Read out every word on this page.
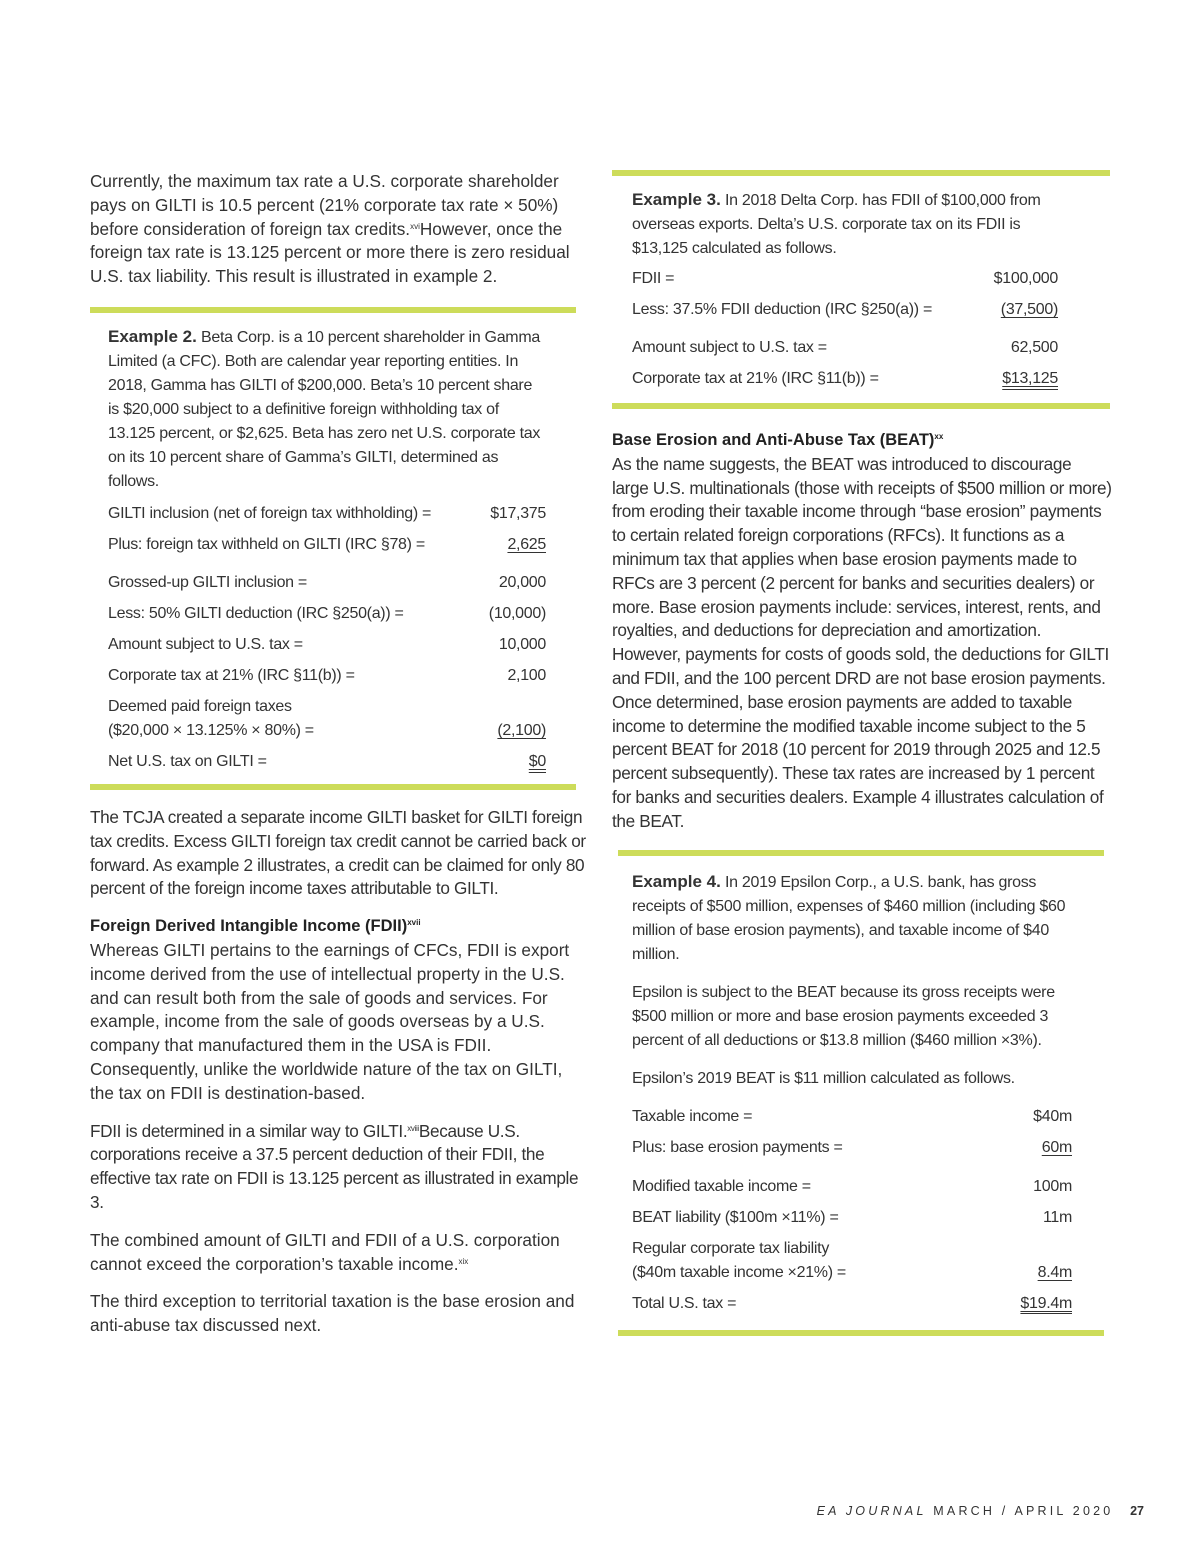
Currently, the maximum tax rate a U.S. corporate shareholder pays on GILTI is 10.5 percent (21% corporate tax rate × 50%) before consideration of foreign tax credits.$^{xvi}$However, once the foreign tax rate is 13.125 percent or more there is zero residual U.S. tax liability. This result is illustrated in example 2.

Example 2. Beta Corp. is a 10 percent shareholder in Gamma Limited (a CFC). Both are calendar year reporting entities. In 2018, Gamma has GILTI of $200,000. Beta’s 10 percent share is $20,000 subject to a definitive foreign withholding tax of 13.125 percent, or $2,625. Beta has zero net U.S. corporate tax on its 10 percent share of Gamma’s GILTI, determined as follows.

GILTI inclusion (net of foreign tax withholding) =	$17,375
Plus: foreign tax withheld on GILTI (IRC §78) =	2,625
Grossed-up GILTI inclusion =	20,000
Less: 50% GILTI deduction (IRC §250(a)) =	(10,000)
Amount subject to U.S. tax =	10,000
Corporate tax at 21% (IRC §11(b)) =	2,100
Deemed paid foreign taxes
($20,000 × 13.125% × 80%) =	(2,100)
Net U.S. tax on GILTI =	$0

The TCJA created a separate income GILTI basket for GILTI foreign tax credits. Excess GILTI foreign tax credit cannot be carried back or forward. As example 2 illustrates, a credit can be claimed for only 80 percent of the foreign income taxes attributable to GILTI.

Foreign Derived Intangible Income (FDII)$^{xvii}$

Whereas GILTI pertains to the earnings of CFCs, FDII is export income derived from the use of intellectual property in the U.S. and can result both from the sale of goods and services. For example, income from the sale of goods overseas by a U.S. company that manufactured them in the USA is FDII. Consequently, unlike the worldwide nature of the tax on GILTI, the tax on FDII is destination-based.

FDII is determined in a similar way to GILTI.$^{xviii}$Because U.S. corporations receive a 37.5 percent deduction of their FDII, the effective tax rate on FDII is 13.125 percent as illustrated in example 3.

The combined amount of GILTI and FDII of a U.S. corporation cannot exceed the corporation’s taxable income.$^{xix}$

The third exception to territorial taxation is the base erosion and anti-abuse tax discussed next.

Example 3. In 2018 Delta Corp. has FDII of $100,000 from overseas exports. Delta’s U.S. corporate tax on its FDII is $13,125 calculated as follows.

FDII =	$100,000
Less: 37.5% FDII deduction (IRC §250(a)) =	(37,500)
Amount subject to U.S. tax =	62,500
Corporate tax at 21% (IRC §11(b)) =	$13,125

Base Erosion and Anti-Abuse Tax (BEAT)$^{xx}$

As the name suggests, the BEAT was introduced to discourage large U.S. multinationals (those with receipts of $500 million or more) from eroding their taxable income through “base erosion” payments to certain related foreign corporations (RFCs). It functions as a minimum tax that applies when base erosion payments made to RFCs are 3 percent (2 percent for banks and securities dealers) or more. Base erosion payments include: services, interest, rents, and royalties, and deductions for depreciation and amortization. However, payments for costs of goods sold, the deductions for GILTI and FDII, and the 100 percent DRD are not base erosion payments. Once determined, base erosion payments are added to taxable income to determine the modified taxable income subject to the 5 percent BEAT for 2018 (10 percent for 2019 through 2025 and 12.5 percent subsequently). These tax rates are increased by 1 percent for banks and securities dealers. Example 4 illustrates calculation of the BEAT.

Example 4. In 2019 Epsilon Corp., a U.S. bank, has gross receipts of $500 million, expenses of $460 million (including $60 million of base erosion payments), and taxable income of $40 million.

Epsilon is subject to the BEAT because its gross receipts were $500 million or more and base erosion payments exceeded 3 percent of all deductions or $13.8 million ($460 million ×3%).

Epsilon’s 2019 BEAT is $11 million calculated as follows.

Taxable income =	$40m
Plus: base erosion payments =	60m
Modified taxable income =	100m
BEAT liability ($100m ×11%) =	11m
Regular corporate tax liability
($40m taxable income ×21%) =	8.4m
Total U.S. tax =	$19.4m
EA JOURNAL MARCH / APRIL 2020 27
